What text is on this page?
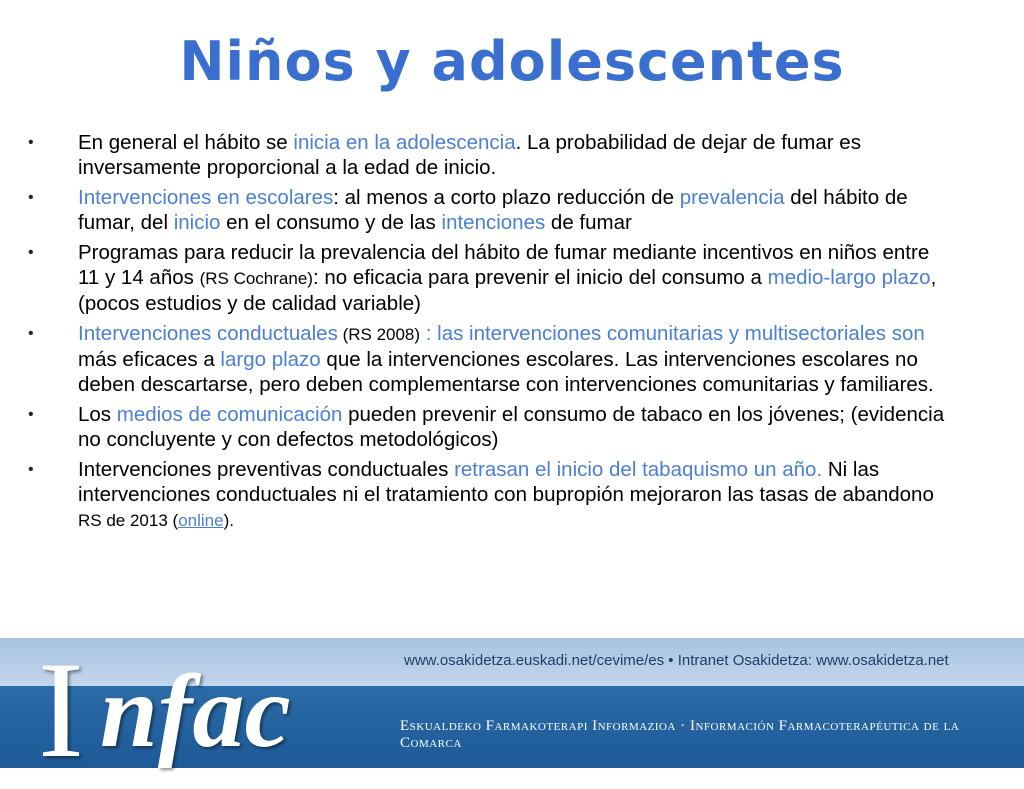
Niños y adolescentes
•	En general el hábito se inicia en la adolescencia. La probabilidad de dejar de fumar es inversamente proporcional a la edad de inicio.
•	Intervenciones en escolares: al menos a corto plazo reducción de prevalencia del hábito de fumar, del inicio en el consumo y de las intenciones de fumar
•	Programas para reducir la prevalencia del hábito de fumar mediante incentivos en niños entre 11 y 14 años (RS Cochrane): no eficacia para prevenir el inicio del consumo a medio-largo plazo, (pocos estudios y de calidad variable)
•	Intervenciones conductuales (RS 2008) : las intervenciones comunitarias y multisectoriales son más eficaces a largo plazo que la intervenciones escolares. Las intervenciones escolares no deben descartarse, pero deben complementarse con intervenciones comunitarias y familiares.
•	Los medios de comunicación pueden prevenir el consumo de tabaco en los jóvenes; (evidencia no concluyente y con defectos metodológicos)
•	Intervenciones preventivas conductuales retrasan el inicio del tabaquismo un año. Ni las intervenciones conductuales ni el tratamiento con bupropión mejoraron las tasas de abandono RS de 2013 (online).
www.osakidetza.euskadi.net/cevime/es • Intranet Osakidetza: www.osakidetza.net
Eskualdeko Farmakoterapi Informazioa · Información Farmacoterapéutica de la Comarca
I nfac
